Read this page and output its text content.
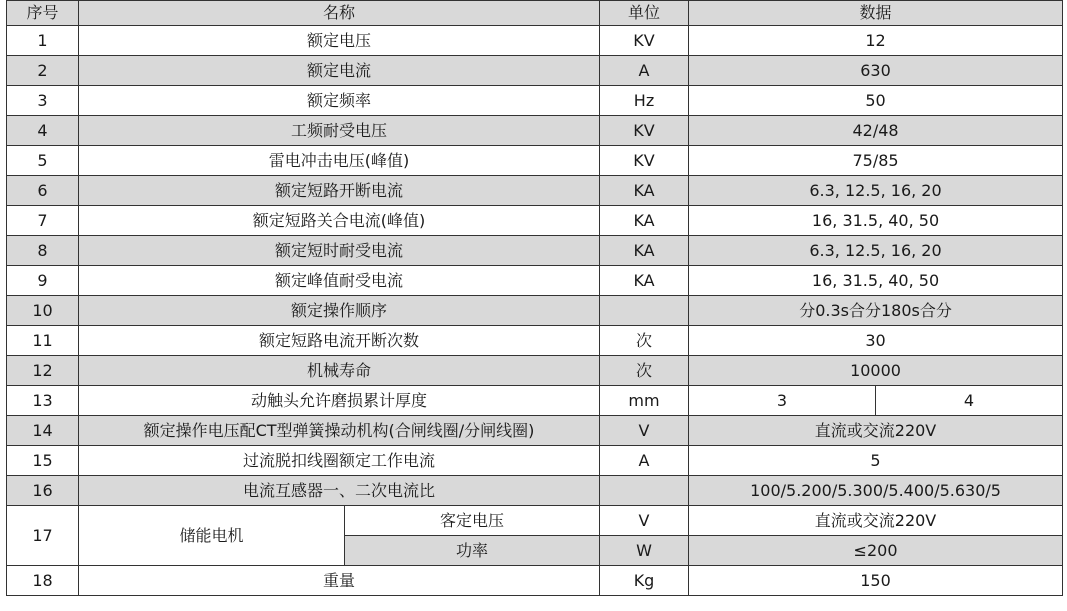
序号	名称		单位	数据	
1	额定电压		KV	12	
2	额定电流		A	630	
3	额定频率		Hz	50	
4	工频耐受电压		KV	42/48	
5	雷电冲击电压(峰值)		KV	75/85	
6	额定短路开断电流		KA	6.3, 12.5, 16, 20	
7	额定短路关合电流(峰值)		KA	16, 31.5, 40, 50	
8	额定短时耐受电流		KA	6.3, 12.5, 16, 20	
9	额定峰值耐受电流		KA	16, 31.5, 40, 50	
10	额定操作顺序			分0.3s合分180s合分	
11	额定短路电流开断次数		次	30	
12	机械寿命		次	10000	
13	动触头允许磨损累计厚度		mm	3	4
14	额定操作电压配CT型弹簧操动机构(合闸线圈/分闸线圈)		V	直流或交流220V	
15	过流脱扣线圈额定工作电流		A	5	
16	电流互感器一、二次电流比			100/5.200/5.300/5.400/5.630/5	
17	储能电机	客定电压	V	直流或交流220V	
		功率	W	≤200	
18	重量		Kg	150	
